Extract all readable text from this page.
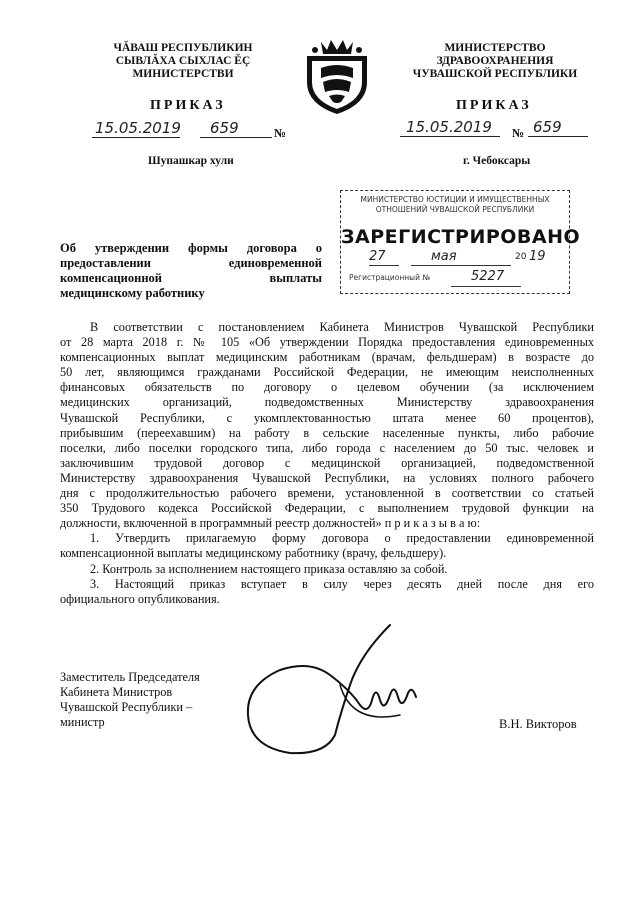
ЧĂВАШ РЕСПУБЛИКИН
СЫВЛĂХА СЫХЛАС ĔÇ
МИНИСТЕРСТВИ
МИНИСТЕРСТВО
ЗДРАВООХРАНЕНИЯ
ЧУВАШСКОЙ РЕСПУБЛИКИ
ПРИКАЗ	ПРИКАЗ
15.05.2019 659	№	15.05.2019 № 659
Шупашкар хули	г. Чебоксары
МИНИСТЕРСТВО ЮСТИЦИИ И ИМУЩЕСТВЕННЫХ
ОТНОШЕНИЙ ЧУВАШСКОЙ РЕСПУБЛИКИ
ЗАРЕГИСТРИРОВАНО
27	мая	20 19
Регистрационный №	5227
Об утверждении формы договора о
предоставлении единовременной
компенсационной выплаты
медицинскому работнику
В соответствии с постановлением Кабинета Министров Чувашской Республики
от 28 марта 2018 г. № 105 «Об утверждении Порядка предоставления единовременных
компенсационных выплат медицинским работникам (врачам, фельдшерам) в возрасте до
50 лет, являющимся гражданами Российской Федерации, не имеющим неисполненных
финансовых обязательств по договору о целевом обучении (за исключением
медицинских организаций, подведомственных Министерству здравоохранения
Чувашской Республики, с укомплектованностью штата менее 60 процентов),
прибывшим (переехавшим) на работу в сельские населенные пункты, либо рабочие
поселки, либо поселки городского типа, либо города с населением до 50 тыс. человек и
заключившим трудовой договор с медицинской организацией, подведомственной
Министерству здравоохранения Чувашской Республики, на условиях полного рабочего
дня с продолжительностью рабочего времени, установленной в соответствии со статьей
350 Трудового кодекса Российской Федерации, с выполнением трудовой функции на
должности, включенной в программный реестр должностей» п р и к а з ы в а ю:
1. Утвердить прилагаемую форму договора о предоставлении единовременной
компенсационной выплаты медицинскому работнику (врачу, фельдшеру).
2. Контроль за исполнением настоящего приказа оставляю за собой.
3. Настоящий приказ вступает в силу через десять дней после дня его
официального опубликования.
Заместитель Председателя
Кабинета Министров
Чувашской Республики –
министр	В.Н. Викторов
